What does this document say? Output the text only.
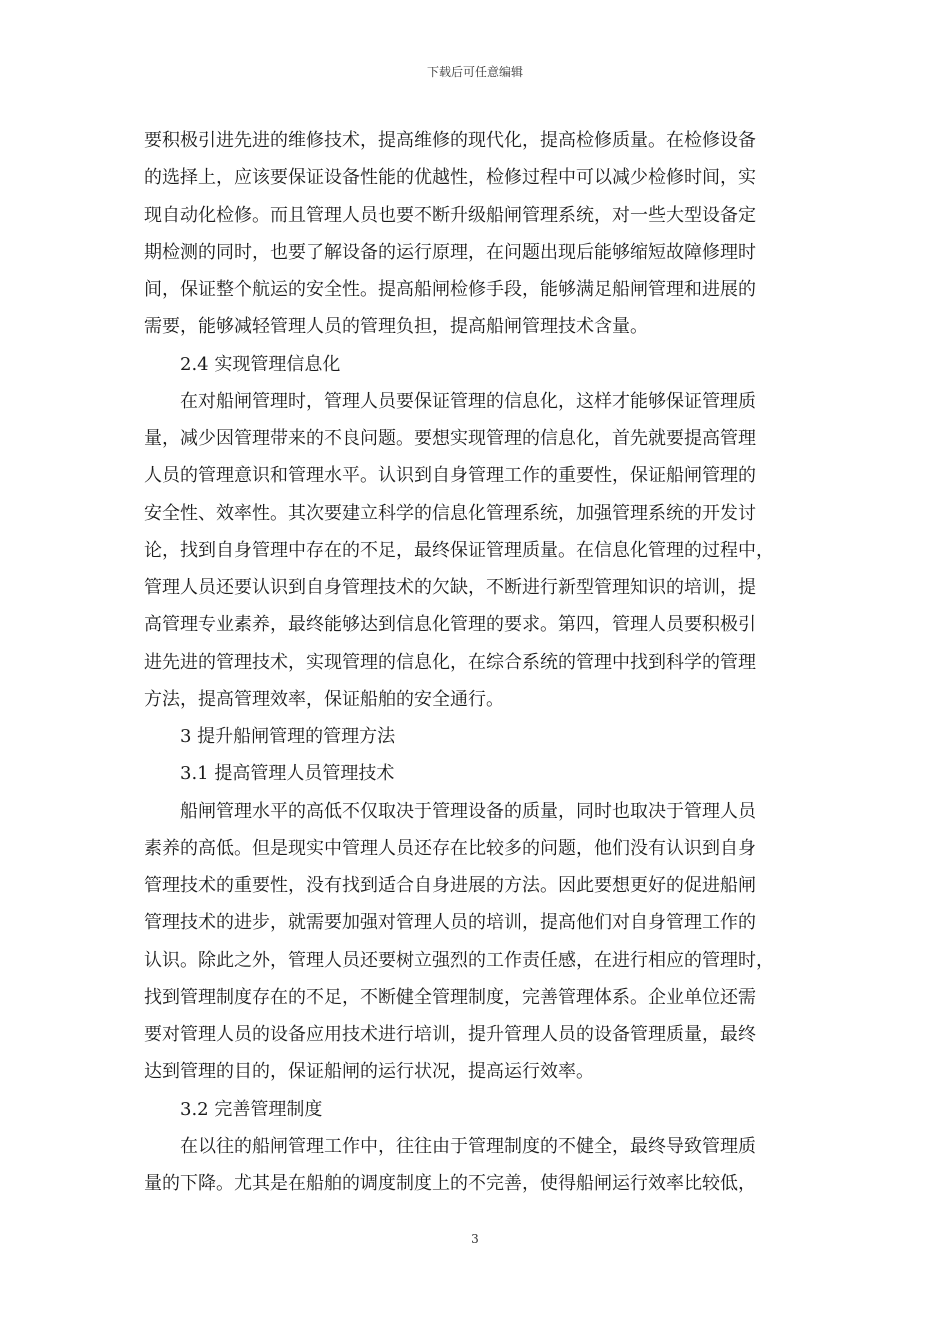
下载后可任意编辑
要积极引进先进的维修技术，提高维修的现代化，提高检修质量。在检修设备
的选择上，应该要保证设备性能的优越性，检修过程中可以减少检修时间，实
现自动化检修。而且管理人员也要不断升级船闸管理系统，对一些大型设备定
期检测的同时，也要了解设备的运行原理，在问题出现后能够缩短故障修理时
间，保证整个航运的安全性。提高船闸检修手段，能够满足船闸管理和进展的
需要，能够减轻管理人员的管理负担，提高船闸管理技术含量。
2.4 实现管理信息化
在对船闸管理时，管理人员要保证管理的信息化，这样才能够保证管理质
量，减少因管理带来的不良问题。要想实现管理的信息化，首先就要提高管理
人员的管理意识和管理水平。认识到自身管理工作的重要性，保证船闸管理的
安全性、效率性。其次要建立科学的信息化管理系统，加强管理系统的开发讨
论，找到自身管理中存在的不足，最终保证管理质量。在信息化管理的过程中，
管理人员还要认识到自身管理技术的欠缺，不断进行新型管理知识的培训，提
高管理专业素养，最终能够达到信息化管理的要求。第四，管理人员要积极引
进先进的管理技术，实现管理的信息化，在综合系统的管理中找到科学的管理
方法，提高管理效率，保证船舶的安全通行。
3 提升船闸管理的管理方法
3.1 提高管理人员管理技术
船闸管理水平的高低不仅取决于管理设备的质量，同时也取决于管理人员
素养的高低。但是现实中管理人员还存在比较多的问题，他们没有认识到自身
管理技术的重要性，没有找到适合自身进展的方法。因此要想更好的促进船闸
管理技术的进步，就需要加强对管理人员的培训，提高他们对自身管理工作的
认识。除此之外，管理人员还要树立强烈的工作责任感，在进行相应的管理时，
找到管理制度存在的不足，不断健全管理制度，完善管理体系。企业单位还需
要对管理人员的设备应用技术进行培训，提升管理人员的设备管理质量，最终
达到管理的目的，保证船闸的运行状况，提高运行效率。
3.2 完善管理制度
在以往的船闸管理工作中，往往由于管理制度的不健全，最终导致管理质
量的下降。尤其是在船舶的调度制度上的不完善，使得船闸运行效率比较低，
3
